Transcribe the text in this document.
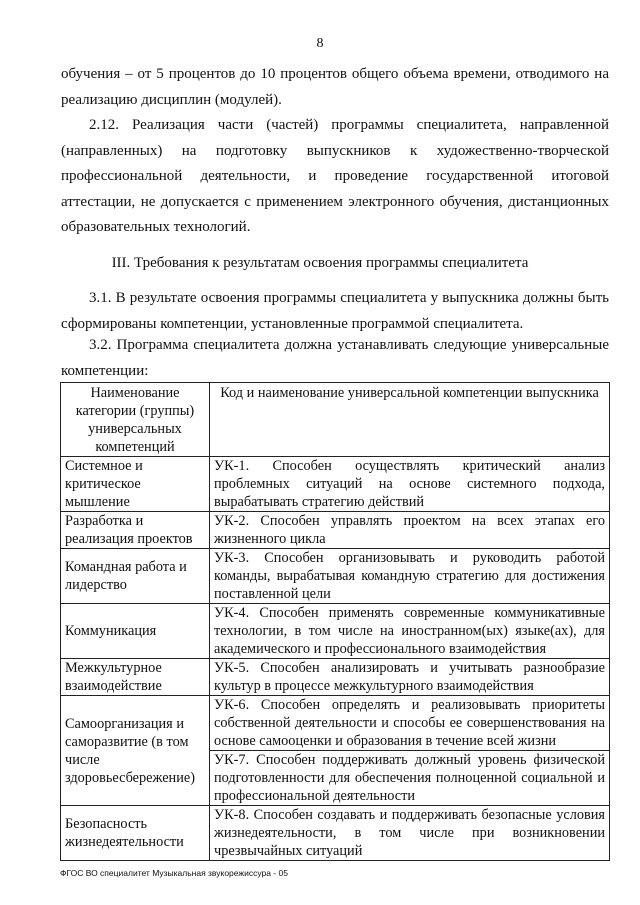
8

обучения – от 5 процентов до 10 процентов общего объема времени, отводимого на реализацию дисциплин (модулей).

2.12. Реализация части (частей) программы специалитета, направленной (направленных) на подготовку выпускников к художественно-творческой профессиональной деятельности, и проведение государственной итоговой аттестации, не допускается с применением электронного обучения, дистанционных образовательных технологий.

III. Требования к результатам освоения программы специалитета

3.1. В результате освоения программы специалитета у выпускника должны быть сформированы компетенции, установленные программой специалитета.

3.2. Программа специалитета должна устанавливать следующие универсальные компетенции:

Наименование категории (группы) универсальных компетенций	Код и наименование универсальной компетенции выпускника
Системное и критическое мышление	УК-1. Способен осуществлять критический анализ проблемных ситуаций на основе системного подхода, вырабатывать стратегию действий
Разработка и реализация проектов	УК-2. Способен управлять проектом на всех этапах его жизненного цикла
Командная работа и лидерство	УК-3. Способен организовывать и руководить работой команды, вырабатывая командную стратегию для достижения поставленной цели
Коммуникация	УК-4. Способен применять современные коммуникативные технологии, в том числе на иностранном(ых) языке(ах), для академического и профессионального взаимодействия
Межкультурное взаимодействие	УК-5. Способен анализировать и учитывать разнообразие культур в процессе межкультурного взаимодействия
Самоорганизация и саморазвитие (в том числе здоровьесбережение)	УК-6. Способен определять и реализовывать приоритеты собственной деятельности и способы ее совершенствования на основе самооценки и образования в течение всей жизни
	УК-7. Способен поддерживать должный уровень физической подготовленности для обеспечения полноценной социальной и профессиональной деятельности
Безопасность жизнедеятельности	УК-8. Способен создавать и поддерживать безопасные условия жизнедеятельности, в том числе при возникновении чрезвычайных ситуаций
ФГОС ВО специалитет Музыкальная звукорежиссура - 05
